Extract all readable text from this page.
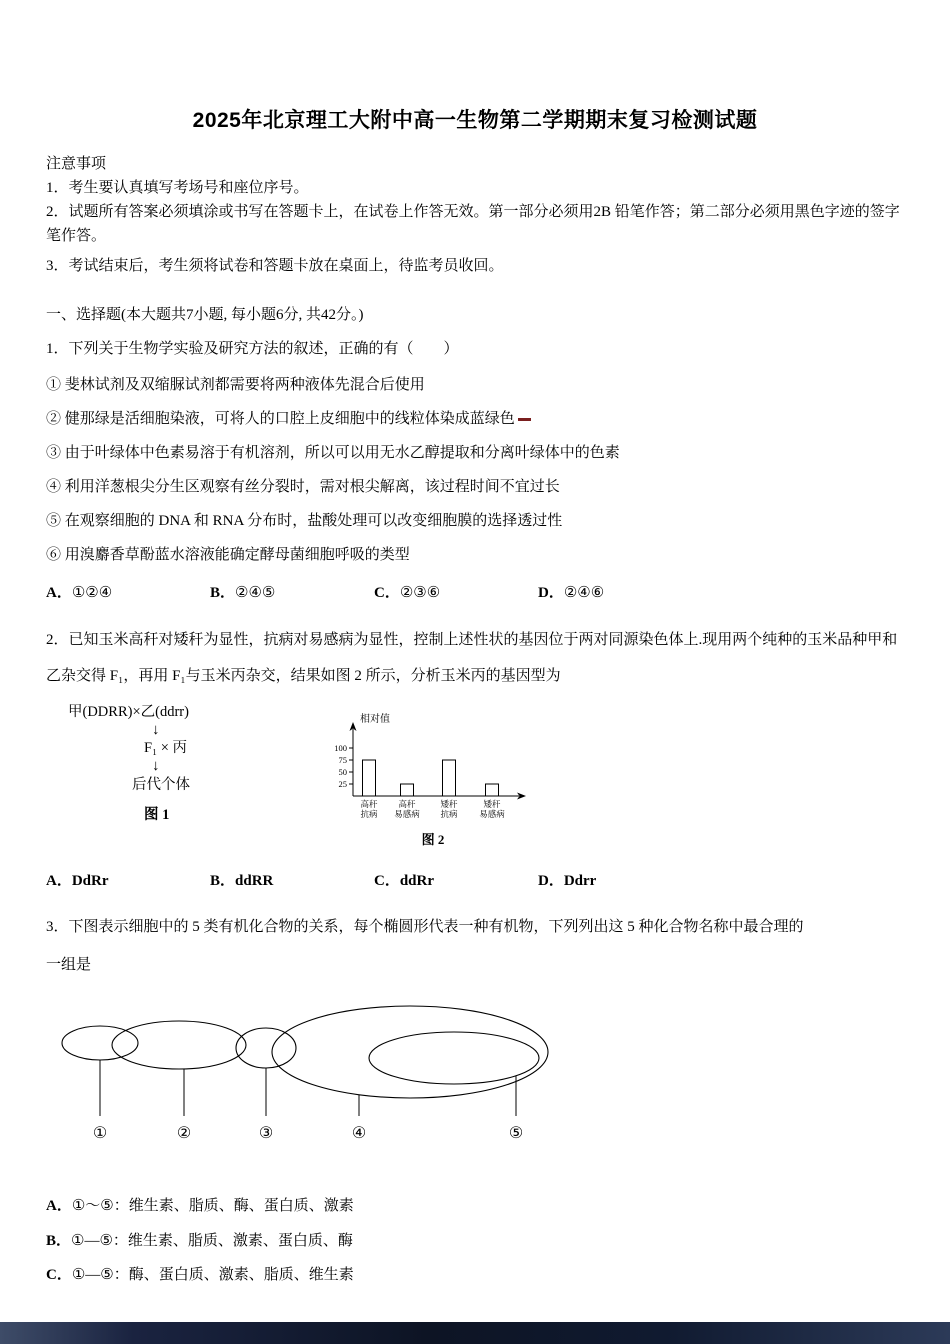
2025年北京理工大附中高一生物第二学期期末复习检测试题
注意事项
1．考生要认真填写考场号和座位序号。
2．试题所有答案必须填涂或书写在答题卡上，在试卷上作答无效。第一部分必须用2B 铅笔作答；第二部分必须用黑色字迹的签字笔作答。
3．考试结束后，考生须将试卷和答题卡放在桌面上，待监考员收回。
一、选择题(本大题共7小题, 每小题6分, 共42分。)
1．下列关于生物学实验及研究方法的叙述，正确的有（　　）
① 斐林试剂及双缩脲试剂都需要将两种液体先混合后使用
② 健那绿是活细胞染液，可将人的口腔上皮细胞中的线粒体染成蓝绿色
③ 由于叶绿体中色素易溶于有机溶剂，所以可以用无水乙醇提取和分离叶绿体中的色素
④ 利用洋葱根尖分生区观察有丝分裂时，需对根尖解离，该过程时间不宜过长
⑤ 在观察细胞的 DNA 和 RNA 分布时，盐酸处理可以改变细胞膜的选择透过性
⑥ 用溴麝香草酚蓝水溶液能确定酵母菌细胞呼吸的类型
A．①②④	B．②④⑤	C．②③⑥	D．②④⑥
2．已知玉米高秆对矮秆为显性，抗病对易感病为显性，控制上述性状的基因位于两对同源染色体上.现用两个纯种的玉米品种甲和乙杂交得 F₁，再用 F₁与玉米丙杂交，结果如图 2 所示，分析玉米丙的基因型为
甲(DDRR)×乙(ddrr)
↓
F₁ × 丙
↓
后代个体
图 1
100
75
50
25
相对值
高秆
抗病
高秆
易感病
矮秆
抗病
矮秆
易感病
图 2
A．DdRr	B．ddRR	C．ddRr	D．Ddrr
3．下图表示细胞中的 5 类有机化合物的关系，每个椭圆形代表一种有机物，下列列出这 5 种化合物名称中最合理的
一组是
①	②	③	④	⑤
A．①～⑤：维生素、脂质、酶、蛋白质、激素
B．①—⑤：维生素、脂质、激素、蛋白质、酶
C．①—⑤：酶、蛋白质、激素、脂质、维生素
